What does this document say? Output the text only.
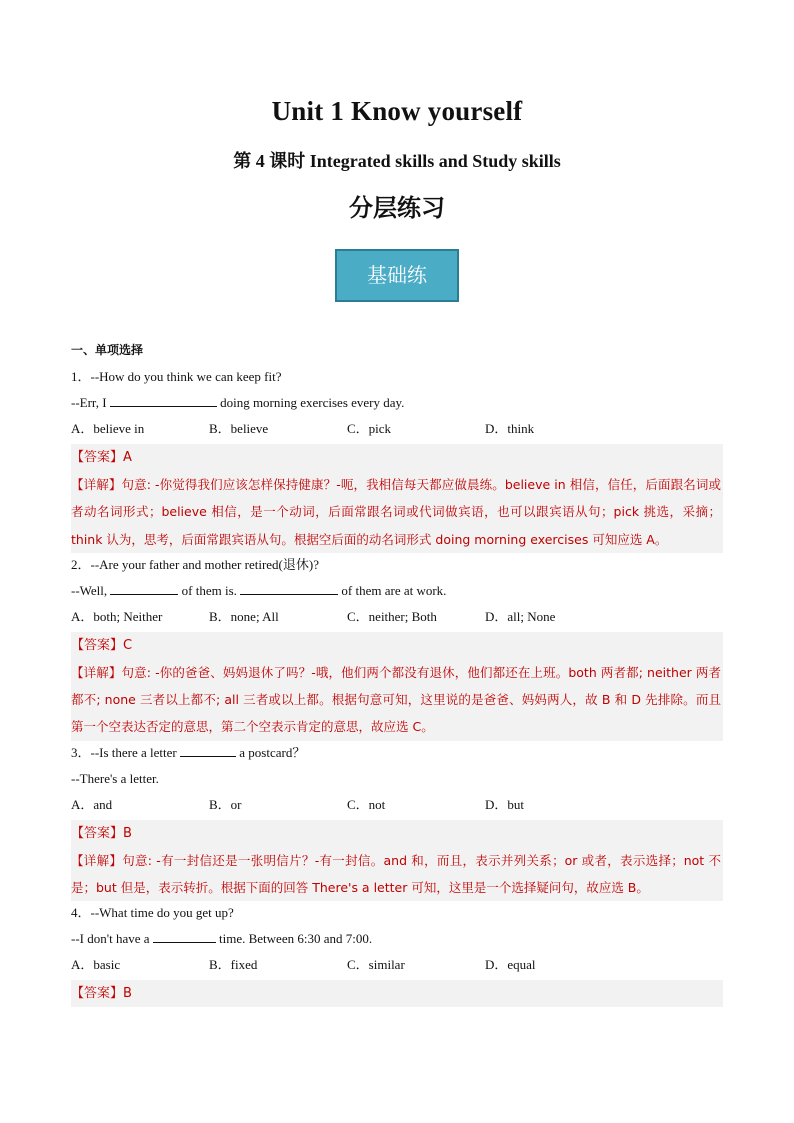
Unit 1 Know yourself
第 4 课时 Integrated skills and Study skills
分层练习
基础练
一、单项选择
1．--How do you think we can keep fit?
--Err, I	doing morning exercises every day.
A．believe in	B．believe	C．pick	D．think
【答案】A
【详解】句意: -你觉得我们应该怎样保持健康？-呃，我相信每天都应做晨练。believe in 相信，信任，后面跟名词或者动名词形式；believe 相信，是一个动词，后面常跟名词或代词做宾语，也可以跟宾语从句；pick 挑选，采摘；think 认为，思考，后面常跟宾语从句。根据空后面的动名词形式 doing morning exercises 可知应选 A。
2．--Are your father and mother retired(退休)?
--Well,	of them is.	of them are at work.
A．both; Neither	B．none; All	C．neither; Both	D．all; None
【答案】C
【详解】句意: -你的爸爸、妈妈退休了吗？-哦，他们两个都没有退休，他们都还在上班。both 两者都; neither 两者都不; none 三者以上都不; all 三者或以上都。根据句意可知，这里说的是爸爸、妈妈两人，故 B 和 D 先排除。而且第一个空表达否定的意思，第二个空表示肯定的意思，故应选 C。
3．--Is there a letter	a postcard？
--There's a letter.
A．and	B．or	C．not	D．but
【答案】B
【详解】句意: -有一封信还是一张明信片？-有一封信。and 和，而且，表示并列关系；or 或者，表示选择；not 不是；but 但是，表示转折。根据下面的回答 There's a letter 可知，这里是一个选择疑问句，故应选 B。
4．--What time do you get up?
--I don't have a	time. Between 6:30 and 7:00.
A．basic	B．fixed	C．similar	D．equal
【答案】B
